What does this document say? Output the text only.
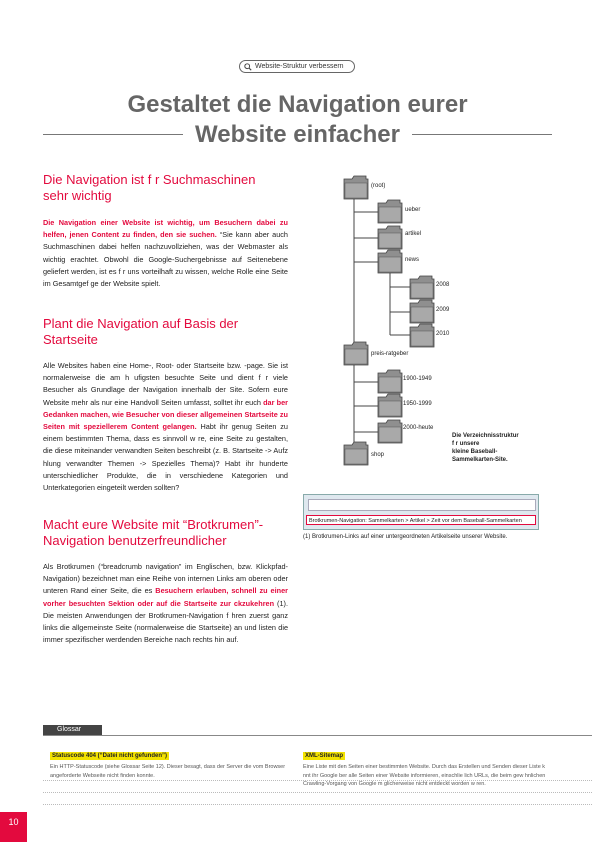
Website-Struktur verbessern
Gestaltet die Navigation eurer
Website einfacher
Die Navigation ist f r Suchmaschinen
sehr wichtig
Die Navigation einer Website ist wichtig, um Besuchern dabei zu helfen, jenen Content zu finden, den sie suchen. “Sie kann aber auch Suchmaschinen dabei helfen nachzuvollziehen, was der Webmaster als wichtig erachtet. Obwohl die Google-Suchergebnisse auf Seitenebene geliefert werden, ist es f r uns vorteilhaft zu wissen, welche Rolle eine Seite im Gesamtgef ge der Website spielt.
Plant die Navigation auf Basis der
Startseite
Alle Websites haben eine Home-, Root- oder Startseite bzw. -page. Sie ist normalerweise die am h ufigsten besuchte Seite und dient f r viele Besucher als Grundlage der Navigation innerhalb der Site. Sofern eure Website mehr als nur eine Handvoll Seiten umfasst, solltet ihr euch dar ber Gedanken machen, wie Besucher von dieser allgemeinen Startseite zu Seiten mit speziellerem Content gelangen. Habt ihr genug Seiten zu einem bestimmten Thema, dass es sinnvoll w re, eine Seite zu gestalten, die diese miteinander verwandten Seiten beschreibt (z. B. Startseite -> Aufz hlung verwandter Themen -> Spezielles Thema)? Habt ihr hunderte unterschiedlicher Produkte, die in verschiedene Kategorien und Unterkategorien eingeteilt werden sollten?
Macht eure Website mit “Brotkrumen”-
Navigation benutzerfreundlicher
Als Brotkrumen (“breadcrumb navigation” im Englischen, bzw. Klickpfad-Navigation) bezeichnet man eine Reihe von internen Links am oberen oder unteren Rand einer Seite, die es Besuchern erlauben, schnell zu einer vorher besuchten Sektion oder auf die Startseite zur ckzukehren (1). Die meisten Anwendungen der Brotkrumen-Navigation f hren zuerst ganz links die allgemeinste Seite (normalerweise die Startseite) an und listen die immer spezifischer werdenden Bereiche nach rechts hin auf.
(root)
ueber
artikel
news
2008
2009
2010
preis-ratgeber
1900-1949
1950-1999
2000-heute
shop
Die Verzeichnisstruktur
f r unsere
kleine Baseball-
Sammelkarten-Site.
Brotkrumen-Navigation: Sammelkarten > Artikel > Zeit vor dem Baseball-Sammelkarten
(1) Brotkrumen-Links auf einer untergeordneten Artikelseite unserer Website.
Glossar
Statuscode 404 (“Datei nicht gefunden”)
Ein HTTP-Statuscode (siehe Glossar Seite 12). Dieser besagt, dass der Server die vom Browser angeforderte Webseite nicht finden konnte.
XML-Sitemap
Eine Liste mit den Seiten einer bestimmten Website. Durch das Erstellen und Senden dieser Liste k nnt ihr Google ber alle Seiten einer Website informieren, einschlie lich URLs, die beim gew hnlichen Crawling-Vorgang von Google m glicherweise nicht entdeckt worden w ren.
10
